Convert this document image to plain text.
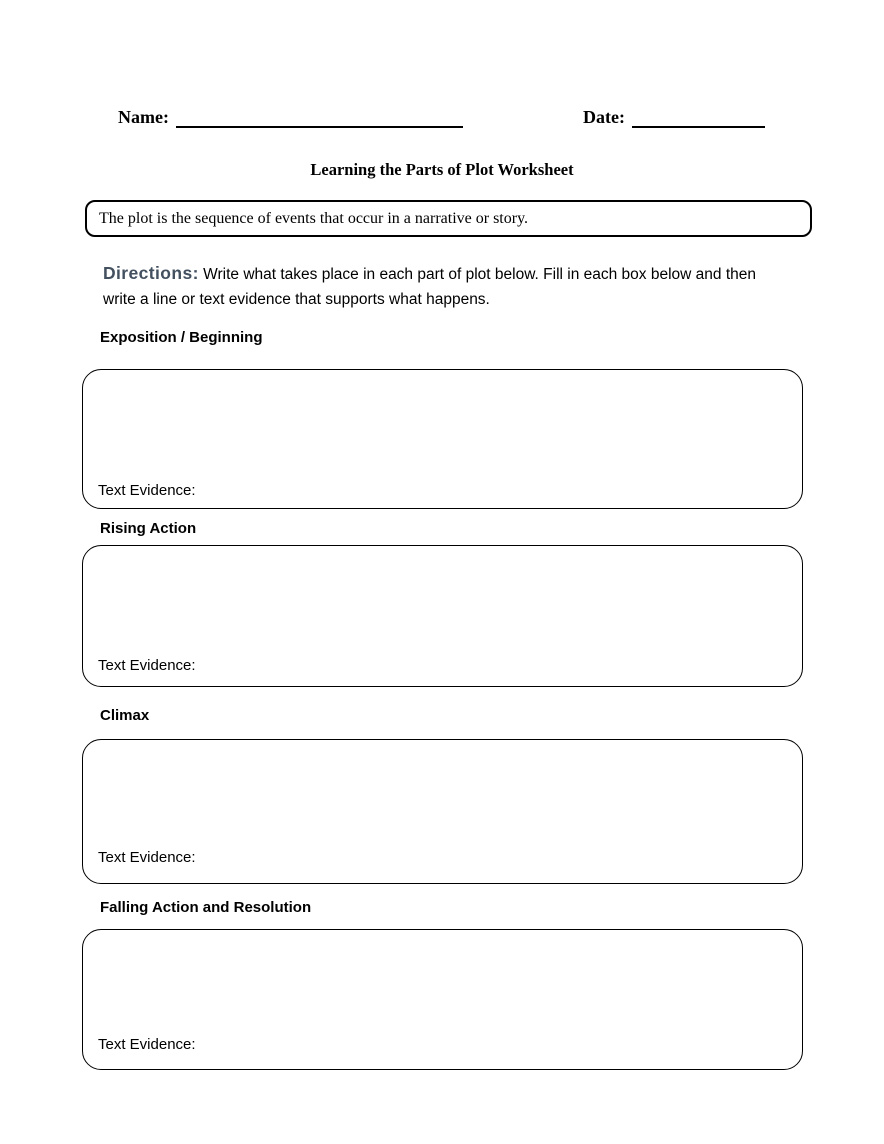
Name:	Date:
Learning the Parts of Plot Worksheet
The plot is the sequence of events that occur in a narrative or story.
Directions: Write what takes place in each part of plot below. Fill in each box below and then write a line or text evidence that supports what happens.
Exposition / Beginning
Text Evidence:
Rising Action
Text Evidence:
Climax
Text Evidence:
Falling Action and Resolution
Text Evidence:
